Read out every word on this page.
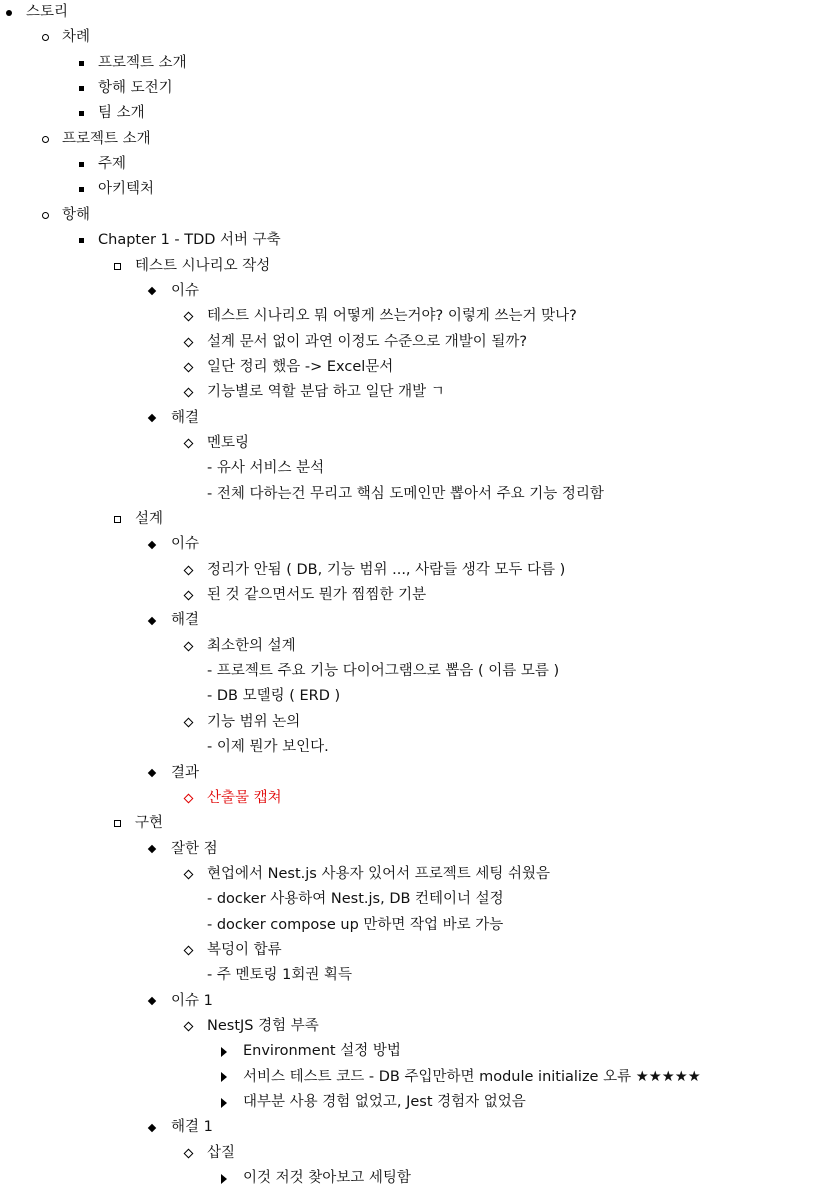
스토리
차례
프로젝트 소개
항해 도전기
팀 소개
프로젝트 소개
주제
아키텍처
항해
Chapter 1 - TDD 서버 구축
테스트 시나리오 작성
이슈
테스트 시나리오 뭐 어떻게 쓰는거야? 이렇게 쓰는거 맞나?
설계 문서 없이 과연 이정도 수준으로 개발이 될까?
일단 정리 했음 -> Excel문서
기능별로 역할 분담 하고 일단 개발 ㄱ
해결
멘토링
- 유사 서비스 분석
- 전체 다하는건 무리고 핵심 도메인만 뽑아서 주요 기능 정리함
설계
이슈
정리가 안됨 ( DB, 기능 범위 ..., 사람들 생각 모두 다름 )
된 것 같으면서도 뭔가 찜찜한 기분
해결
최소한의 설계
- 프로젝트 주요 기능 다이어그램으로 뽑음 ( 이름 모름 )
- DB 모델링 ( ERD )
기능 범위 논의
- 이제 뭔가 보인다.
결과
산출물 캡쳐
구현
잘한 점
현업에서 Nest.js 사용자 있어서 프로젝트 세팅 쉬웠음
- docker 사용하여 Nest.js, DB 컨테이너 설정
- docker compose up 만하면 작업 바로 가능
복덩이 합류
- 주 멘토링 1회권 획득
이슈 1
NestJS 경험 부족
Environment 설정 방법
서비스 테스트 코드 - DB 주입만하면 module initialize 오류 ★★★★★
대부분 사용 경험 없었고, Jest 경험자 없었음
해결 1
삽질
이것 저것 찾아보고 세팅함
